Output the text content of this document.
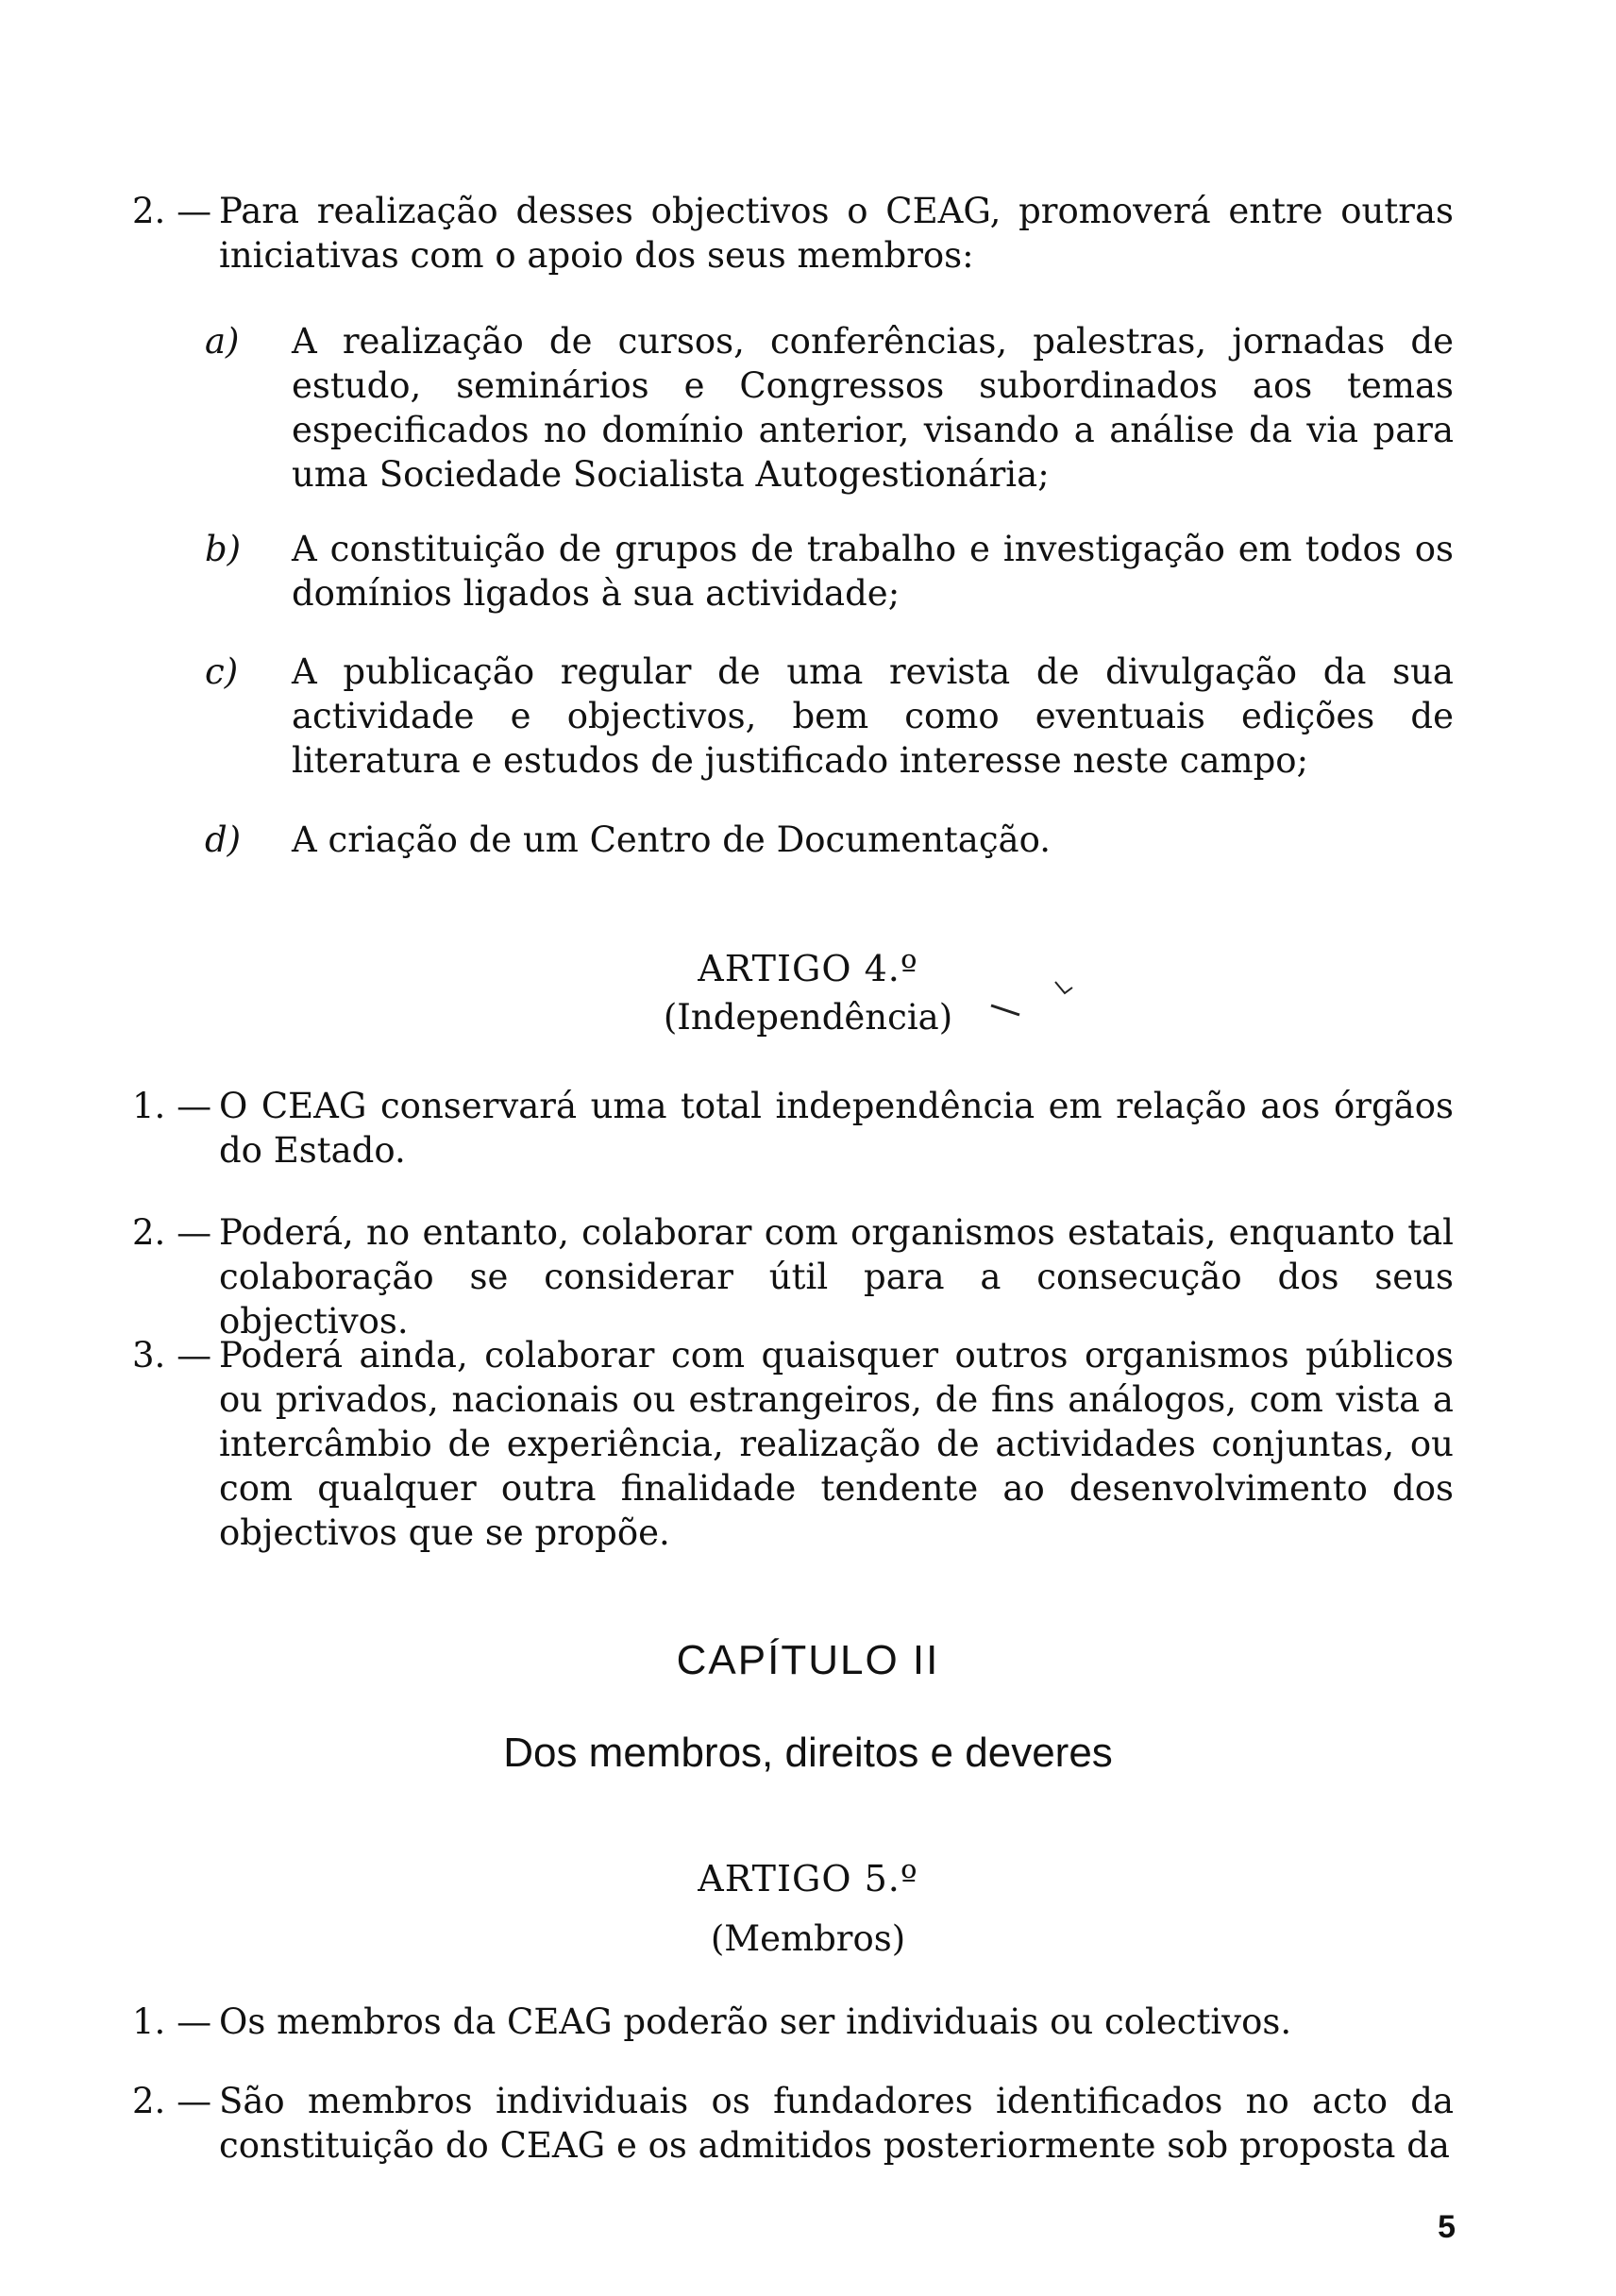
2. — Para realização desses objectivos o CEAG, promoverá entre outras iniciativas com o apoio dos seus membros:
a)	A realização de cursos, conferências, palestras, jornadas de estudo, seminários e Congressos subordinados aos temas especificados no domínio anterior, visando a análise da via para uma Sociedade Socialista Autogestionária;
b)	A constituição de grupos de trabalho e investigação em todos os domínios ligados à sua actividade;
c)	A publicação regular de uma revista de divulgação da sua actividade e objectivos, bem como eventuais edições de literatura e estudos de justificado interesse neste campo;
d)	A criação de um Centro de Documentação.
ARTIGO 4.º
(Independência)
1. — O CEAG conservará uma total independência em relação aos órgãos do Estado.
2. — Poderá, no entanto, colaborar com organismos estatais, enquanto tal colaboração se considerar útil para a consecução dos seus objectivos.
3. — Poderá ainda, colaborar com quaisquer outros organismos públicos ou privados, nacionais ou estrangeiros, de fins análogos, com vista a intercâmbio de experiência, realização de actividades conjuntas, ou com qualquer outra finalidade tendente ao desenvolvimento dos objectivos que se propõe.
CAPÍTULO II
Dos membros, direitos e deveres
ARTIGO 5.º
(Membros)
1. — Os membros da CEAG poderão ser individuais ou colectivos.
2. — São membros individuais os fundadores identificados no acto da constituição do CEAG e os admitidos posteriormente sob proposta da
5
